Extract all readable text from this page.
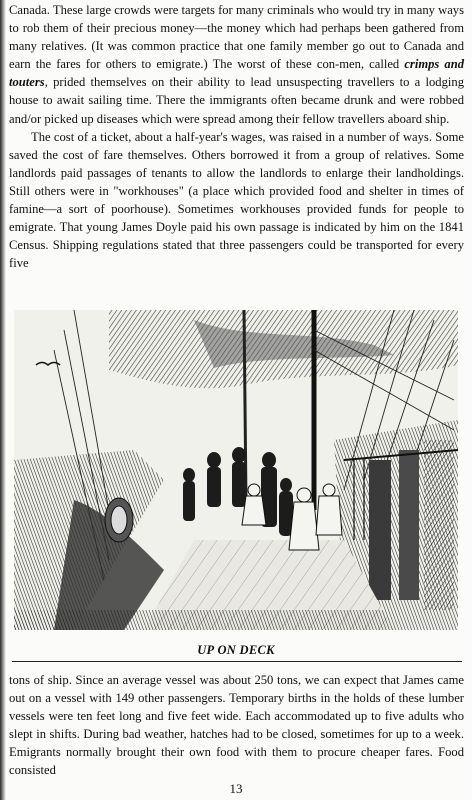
Canada. These large crowds were targets for many criminals who would try in many ways to rob them of their precious money—the money which had perhaps been gathered from many relatives. (It was common practice that one family member go out to Canada and earn the fares for others to emigrate.) The worst of these con-men, called crimps and touters, prided themselves on their ability to lead unsuspecting travellers to a lodging house to await sailing time. There the immigrants often became drunk and were robbed and/or picked up diseases which were spread among their fellow travellers aboard ship.

The cost of a ticket, about a half-year's wages, was raised in a number of ways. Some saved the cost of fare themselves. Others borrowed it from a group of relatives. Some landlords paid passages of tenants to allow the landlords to enlarge their landholdings. Still others were in "workhouses" (a place which provided food and shelter in times of famine—a sort of poorhouse). Sometimes workhouses provided funds for people to emigrate. That young James Doyle paid his own passage is indicated by him on the 1841 Census. Shipping regulations stated that three passengers could be transported for every five

UP ON DECK

tons of ship. Since an average vessel was about 250 tons, we can expect that James came out on a vessel with 149 other passengers. Temporary births in the holds of these lumber vessels were ten feet long and five feet wide. Each accommodated up to five adults who slept in shifts. During bad weather, hatches had to be closed, sometimes for up to a week. Emigrants normally brought their own food with them to procure cheaper fares. Food consisted

13
